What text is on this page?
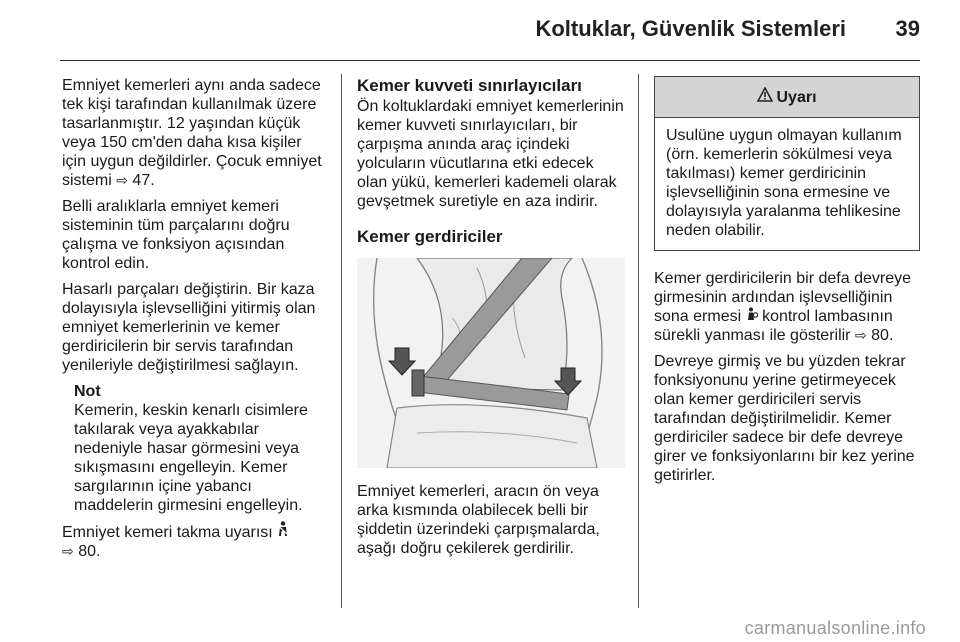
Koltuklar, Güvenlik Sistemleri 39

Emniyet kemerleri aynı anda sadece tek kişi tarafından kullanılmak üzere tasarlanmıştır. 12 yaşından küçük veya 150 cm'den daha kısa kişiler için uygun değildirler. Çocuk emniyet sistemi ⇨ 47.

Belli aralıklarla emniyet kemeri sisteminin tüm parçalarını doğru çalışma ve fonksiyon açısından kontrol edin.

Hasarlı parçaları değiştirin. Bir kaza dolayısıyla işlevselliğini yitirmiş olan emniyet kemerlerinin ve kemer gerdiricilerin bir servis tarafından yenileriyle değiştirilmesi sağlayın.

Not
Kemerin, keskin kenarlı cisimlere takılarak veya ayakkabılar nedeniyle hasar görmesini veya sıkışmasını engelleyin. Kemer sargılarının içine yabancı maddelerin girmesini engelleyin.

Emniyet kemeri takma uyarısı
⇨ 80.

Kemer kuvveti sınırlayıcıları

Ön koltuklardaki emniyet kemerlerinin kemer kuvveti sınırlayıcıları, bir çarpışma anında araç içindeki yolcuların vücutlarına etki edecek olan yükü, kemerleri kademeli olarak gevşetmek suretiyle en aza indirir.

Kemer gerdiriciler

Emniyet kemerleri, aracın ön veya arka kısmında olabilecek belli bir şiddetin üzerindeki çarpışmalarda, aşağı doğru çekilerek gerdirilir.

Uyarı

Usulüne uygun olmayan kullanım (örn. kemerlerin sökülmesi veya takılması) kemer gerdiricinin işlevselliğinin sona ermesine ve dolayısıyla yaralanma tehlikesine neden olabilir.

Kemer gerdiricilerin bir defa devreye girmesinin ardından işlevselliğinin sona ermesi kontrol lambasının sürekli yanması ile gösterilir ⇨ 80.

Devreye girmiş ve bu yüzden tekrar fonksiyonunu yerine getirmeyecek olan kemer gerdiricileri servis tarafından değiştirilmelidir. Kemer gerdiriciler sadece bir defe devreye girer ve fonksiyonlarını bir kez yerine getirirler.

carmanualsonline.info
